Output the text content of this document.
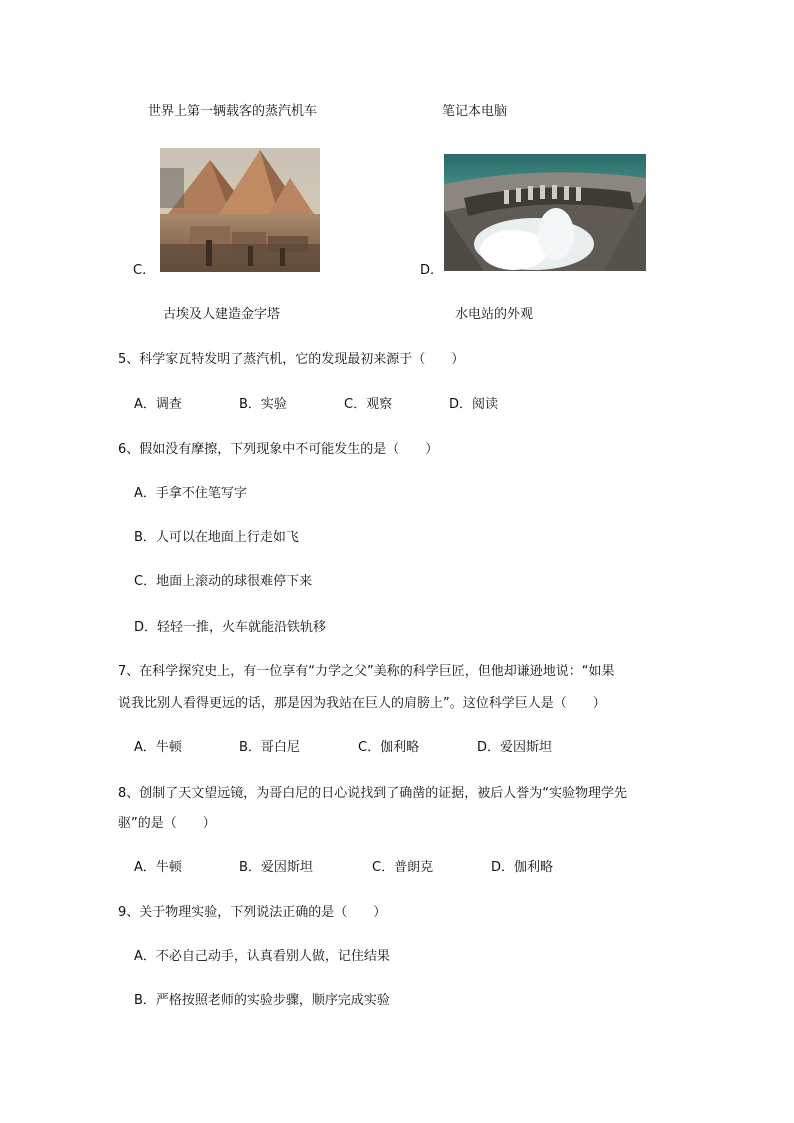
世界上第一辆载客的蒸汽机车	笔记本电脑
C.
古埃及人建造金字塔
D.
水电站的外观
5、科学家瓦特发明了蒸汽机，它的发现最初来源于（　　）
A．调查	B．实验	C．观察	D．阅读
6、假如没有摩擦，下列现象中不可能发生的是（　　）
A．手拿不住笔写字
B．人可以在地面上行走如飞
C．地面上滚动的球很难停下来
D．轻轻一推，火车就能沿铁轨移
7、在科学探究史上，有一位享有“力学之父”美称的科学巨匠，但他却谦逊地说：“如果
说我比别人看得更远的话，那是因为我站在巨人的肩膀上”。这位科学巨人是（　　）
A．牛顿	B．哥白尼	C．伽利略	D．爱因斯坦
8、创制了天文望远镜，为哥白尼的日心说找到了确凿的证据，被后人誉为“实验物理学先
驱”的是（　　）
A．牛顿	B．爱因斯坦	C．普朗克	D．伽利略
9、关于物理实验，下列说法正确的是（　　）
A．不必自己动手，认真看别人做，记住结果
B．严格按照老师的实验步骤，顺序完成实验
